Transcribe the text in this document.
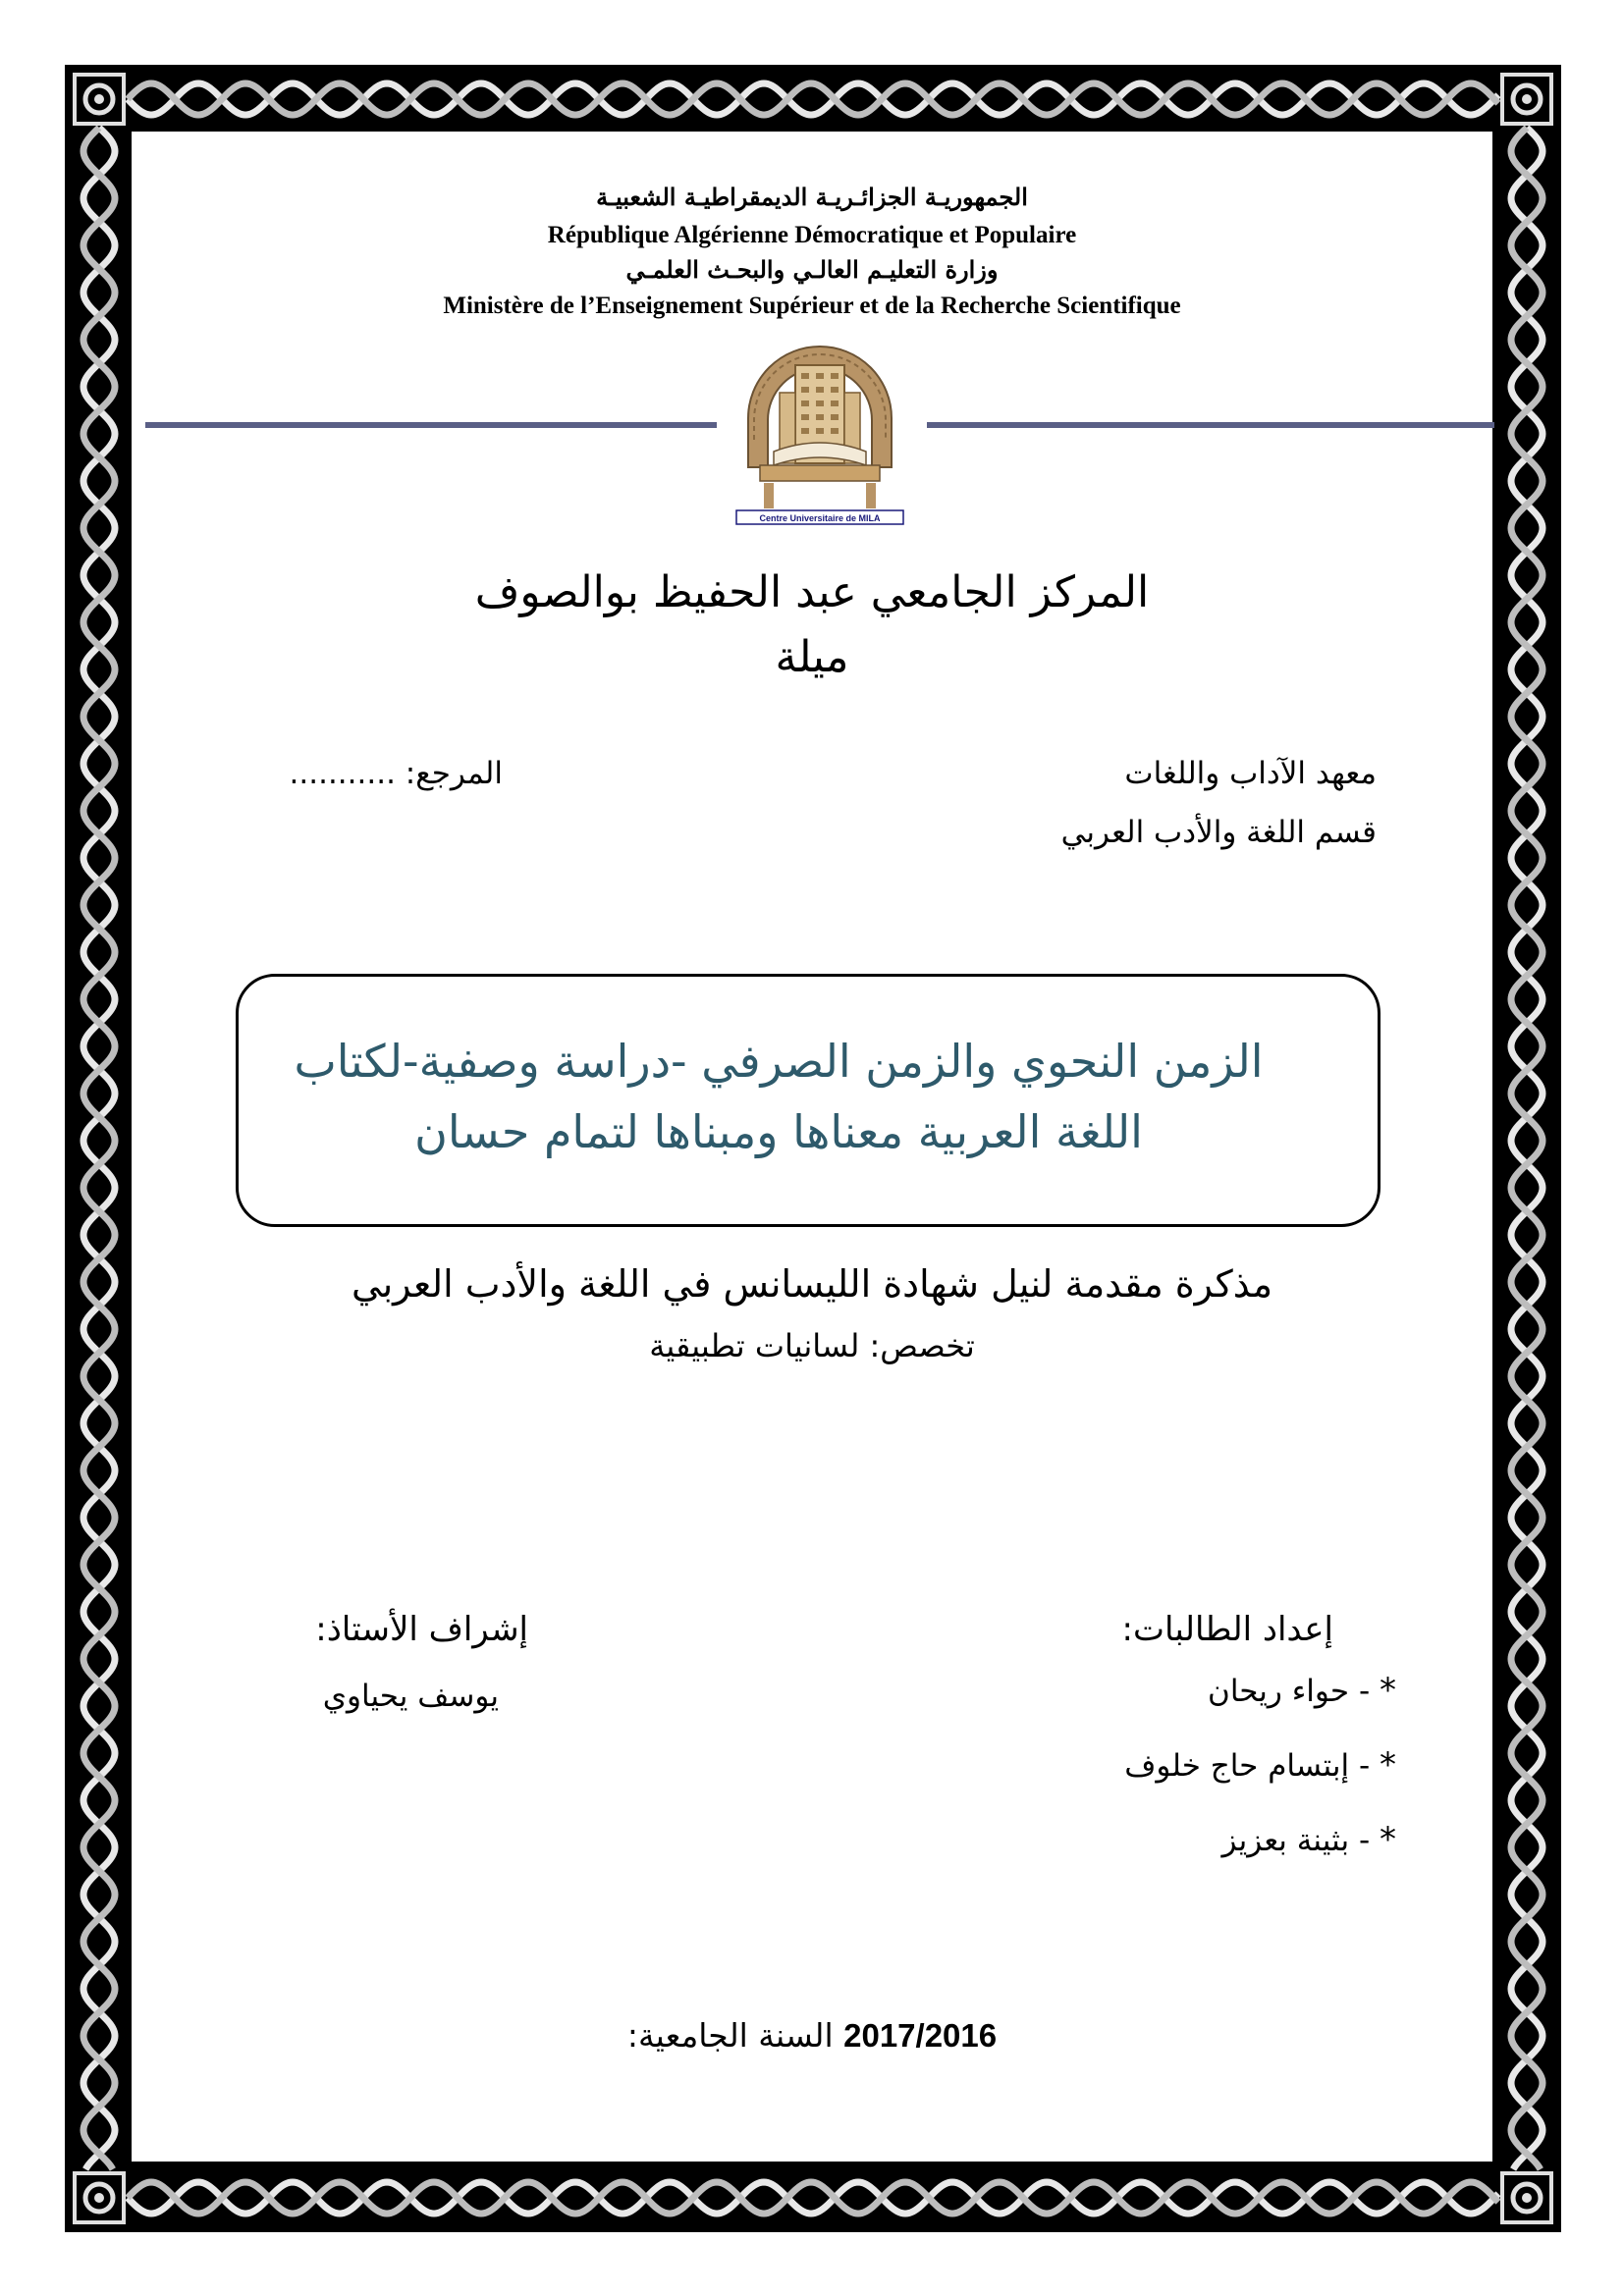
الجمهوريـة الجزائـريـة الديمقراطيـة الشعبيـة
République Algérienne Démocratique et Populaire
وزارة التعليـم العالـي والبحـث العلمـي
Ministère de l’Enseignement Supérieur et de la Recherche Scientifique
Centre Universitaire de MILA
المركز الجامعي عبد الحفيظ بوالصوف
ميلة
معهد الآداب واللغات
قسم اللغة والأدب العربي
المرجع: ...........
الزمن النحوي والزمن الصرفي -دراسة وصفية-لكتاب
اللغة العربية معناها ومبناها لتمام حسان
مذكرة مقدمة لنيل شهادة الليسانس في اللغة والأدب العربي
تخصص: لسانيات تطبيقية
إعداد الطالبات:
* - حواء ريحان
* - إبتسام حاج خلوف
* - بثينة بعزيز
إشراف الأستاذ:
يوسف يحياوي
السنة الجامعية: 2017/2016
